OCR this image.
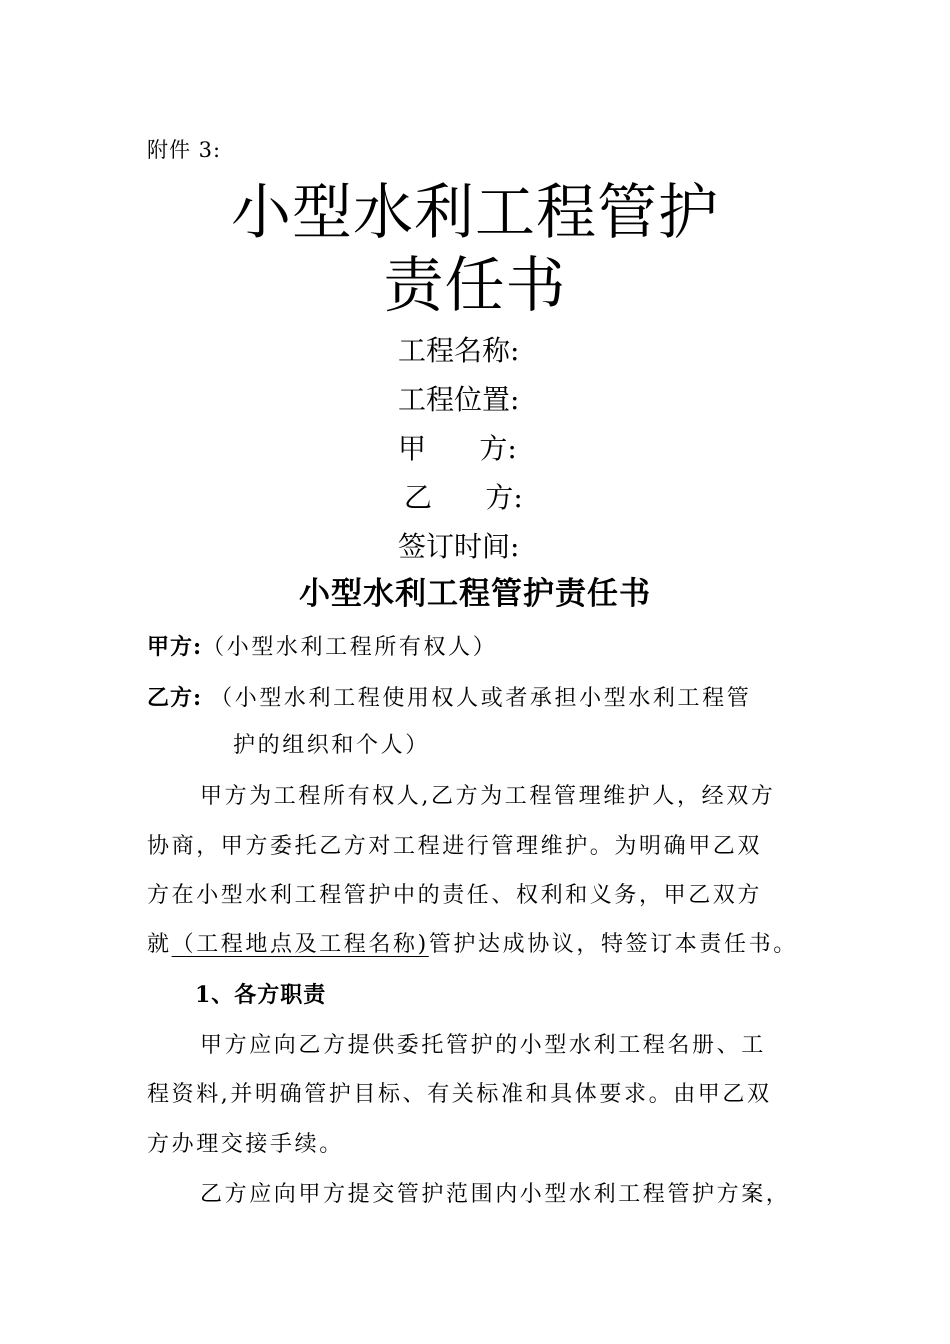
附件 3:
小型水利工程管护
责任书
工程名称:
工程位置:
甲      方:
乙      方:
签订时间:
小型水利工程管护责任书
甲方:（小型水利工程所有权人）
乙方: （小型水利工程使用权人或者承担小型水利工程管
护的组织和个人）
甲方为工程所有权人,乙方为工程管理维护人，经双方
协商，甲方委托乙方对工程进行管理维护。为明确甲乙双
方在小型水利工程管护中的责任、权利和义务，甲乙双方
就（工程地点及工程名称)管护达成协议，特签订本责任书。
1、各方职责
甲方应向乙方提供委托管护的小型水利工程名册、工
程资料,并明确管护目标、有关标准和具体要求。由甲乙双
方办理交接手续。
乙方应向甲方提交管护范围内小型水利工程管护方案，
